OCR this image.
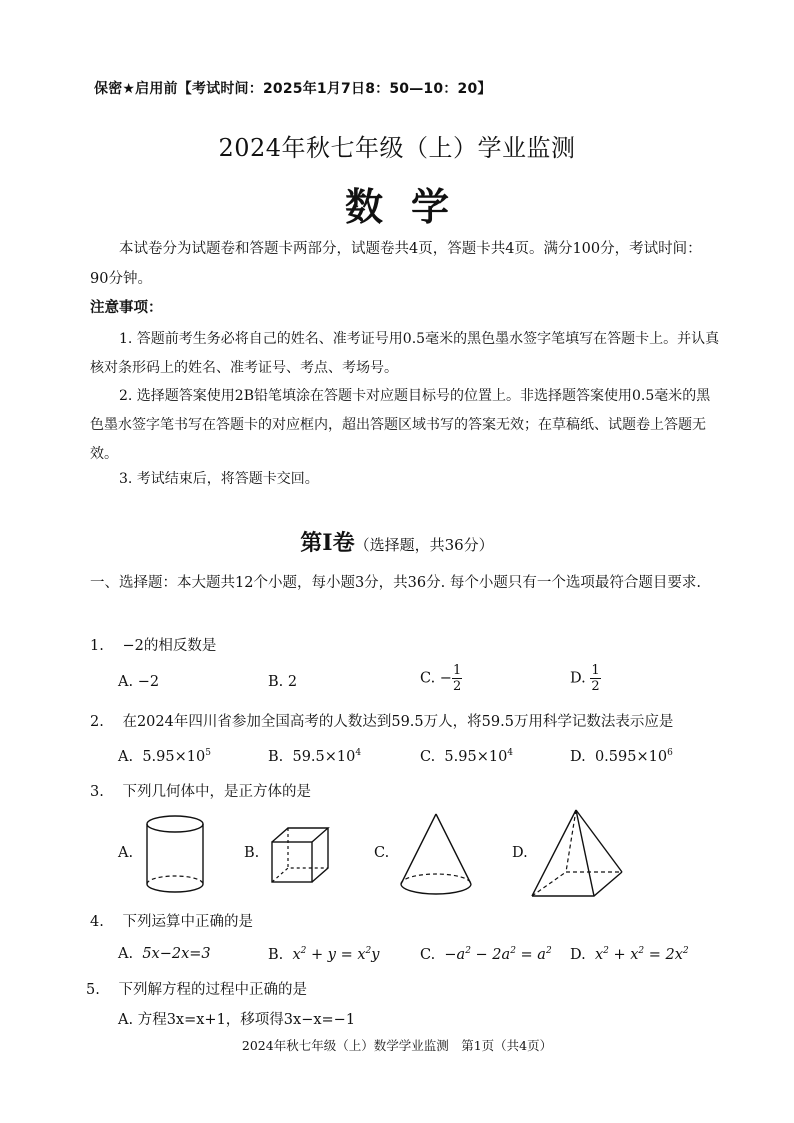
保密★启用前【考试时间：2025年1月7日8：50—10：20】
2024年秋七年级（上）学业监测
数学
本试卷分为试题卷和答题卡两部分，试题卷共4页，答题卡共4页。满分100分，考试时间：90分钟。
注意事项：
1. 答题前考生务必将自己的姓名、准考证号用0.5毫米的黑色墨水签字笔填写在答题卡上。并认真核对条形码上的姓名、准考证号、考点、考场号。
2. 选择题答案使用2B铅笔填涂在答题卡对应题目标号的位置上。非选择题答案使用0.5毫米的黑色墨水签字笔书写在答题卡的对应框内，超出答题区域书写的答案无效；在草稿纸、试题卷上答题无效。
3. 考试结束后，将答题卡交回。
第Ⅰ卷（选择题，共36分）
一、选择题：本大题共12个小题，每小题3分，共36分. 每个小题只有一个选项最符合题目要求.
1. −2的相反数是
A. −2	B. 2	C. − $\frac{1}{2}$	D. $\frac{1}{2}$
2. 在2024年四川省参加全国高考的人数达到59.5万人，将59.5万用科学记数法表示应是
A. $5.95\times 10^5$	B. $59.5\times 10^4$	C. $5.95\times 10^4$	D. $0.595\times 10^6$
3. 下列几何体中，是正方体的是
A.	B.	C.	D.
4. 下列运算中正确的是
A. 5x−2x=3	B. $x^2 + y = x^2y$	C. $-a^2 - 2a^2 = a^2$ D. $x^2 + x^2 = 2x^2$
5. 下列解方程的过程中正确的是
A. 方程3x=x+1，移项得3x−x=−1
2024年秋七年级（上）数学学业监测　第1页（共4页）
